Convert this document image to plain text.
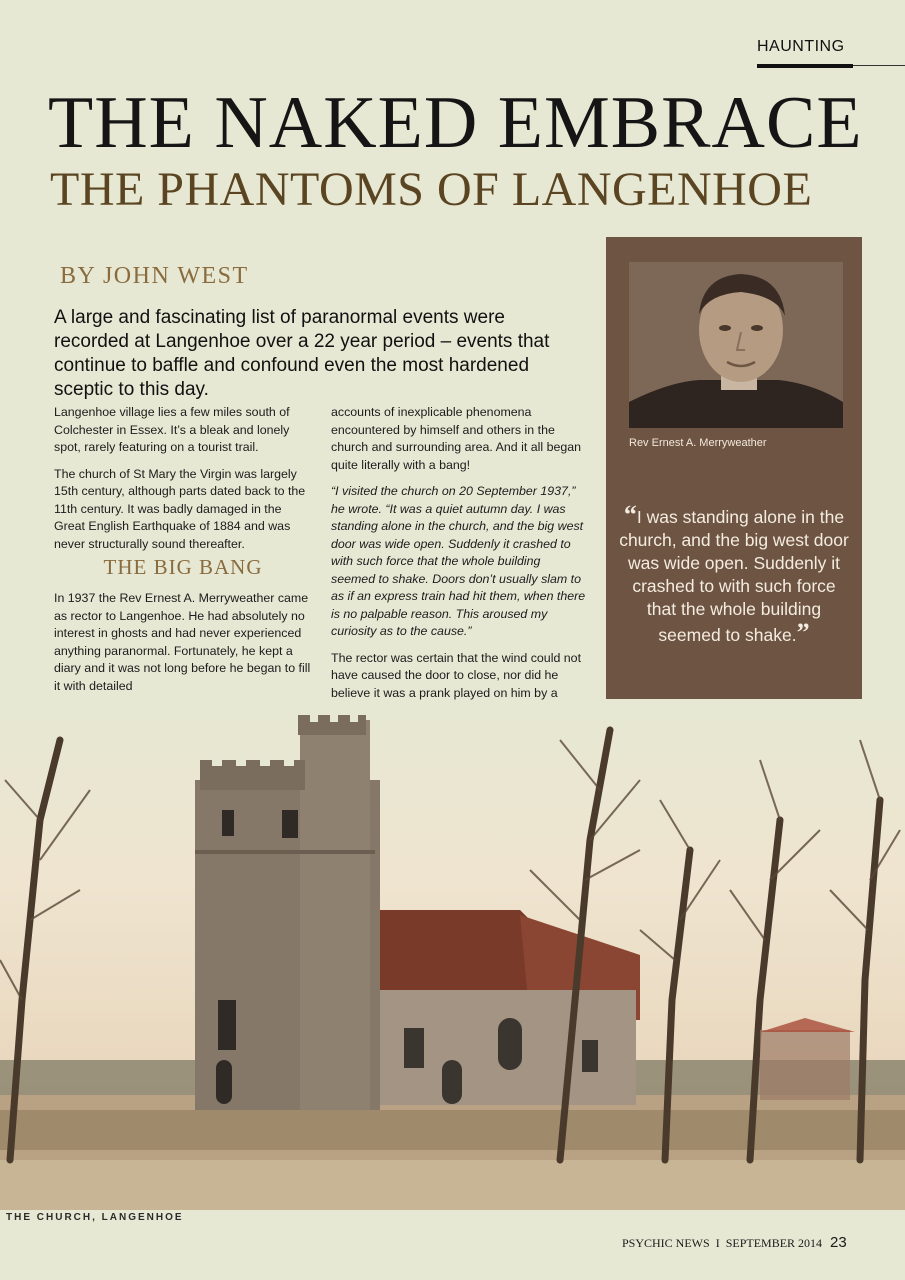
HAUNTING
THE NAKED EMBRACE
THE PHANTOMS OF LANGENHOE
BY JOHN WEST
A large and fascinating list of paranormal events were recorded at Langenhoe over a 22 year period – events that continue to baffle and confound even the most hardened sceptic to this day.

Langenhoe village lies a few miles south of Colchester in Essex. It’s a bleak and lonely spot, rarely featuring on a tourist trail.

The church of St Mary the Virgin was largely 15th century, although parts dated back to the 11th century. It was badly damaged in the Great English Earthquake of 1884 and was never structurally sound thereafter.

THE BIG BANG

In 1937 the Rev Ernest A. Merryweather came as rector to Langenhoe. He had absolutely no interest in ghosts and had never experienced anything paranormal. Fortunately, he kept a diary and it was not long before he began to fill it with detailed

accounts of inexplicable phenomena encountered by himself and others in the church and surrounding area. And it all began quite literally with a bang!

“I visited the church on 20 September 1937,” he wrote. “It was a quiet autumn day. I was standing alone in the church, and the big west door was wide open. Suddenly it crashed to with such force that the whole building seemed to shake. Doors don’t usually slam to as if an express train had hit them, when there is no palpable reason. This aroused my curiosity as to the cause.”

The rector was certain that the wind could not have caused the door to close, nor did he believe it was a prank played on him by a

Rev Ernest A. Merryweather
“I was standing alone in the church, and the big west door was wide open. Suddenly it crashed to with such force that the whole building seemed to shake.”
THE CHURCH, LANGENHOE
PSYCHIC NEWS I SEPTEMBER 2014 23
